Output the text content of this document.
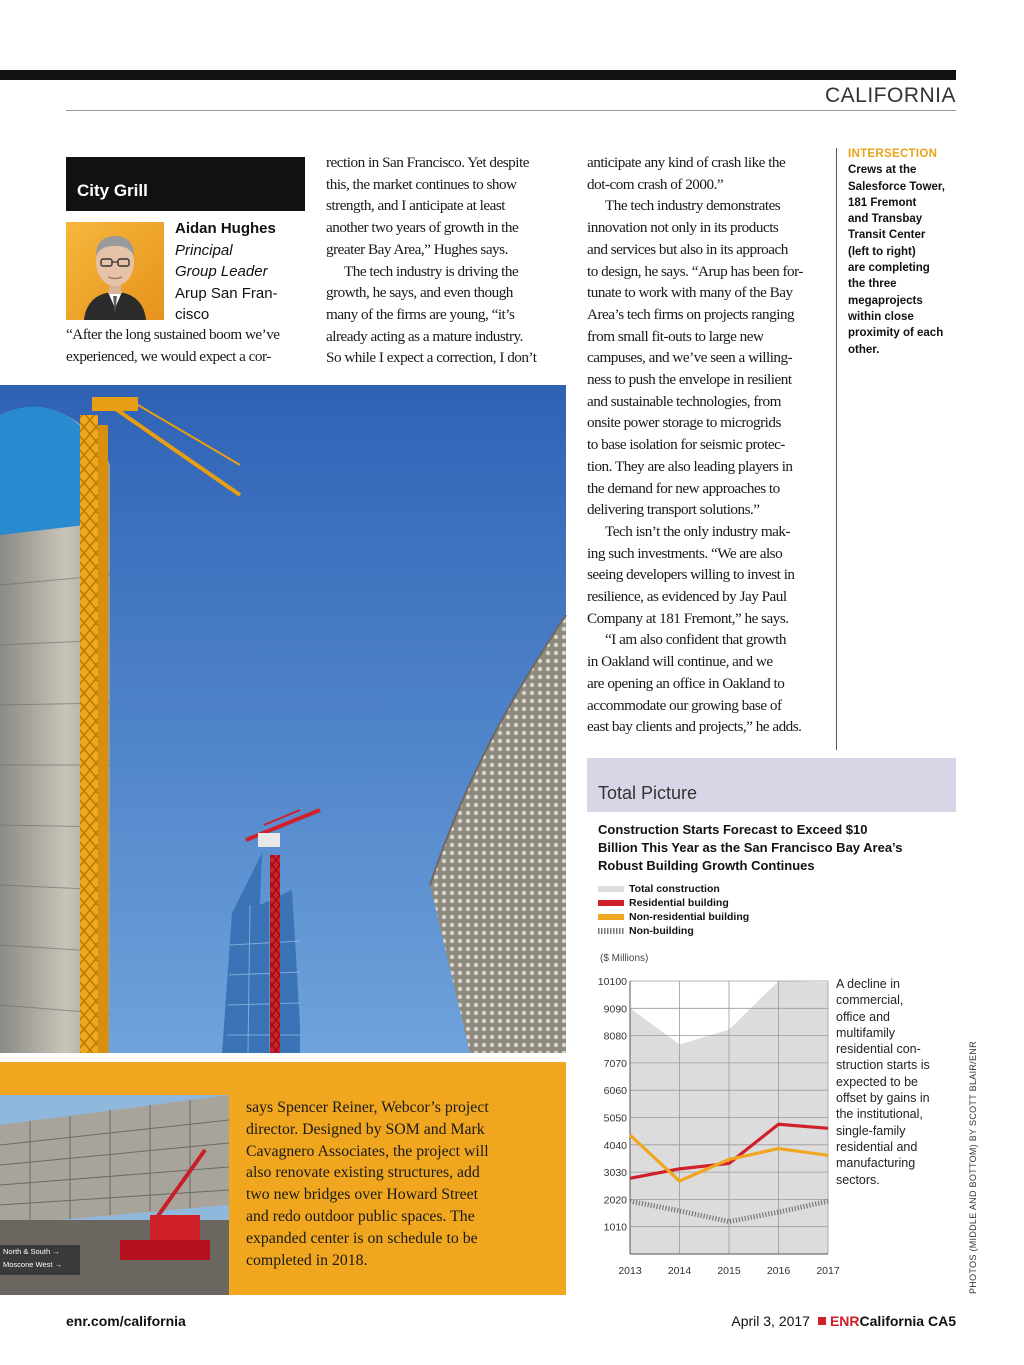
CALIFORNIA
City Grill
Aidan Hughes
Principal
Group Leader
Arup San Fran-
cisco

“After the long sustained boom we’ve

experienced, we would expect a cor-

rection in San Francisco. Yet despite

this, the market continues to show

strength, and I anticipate at least

another two years of growth in the

greater Bay Area,” Hughes says.

The tech industry is driving the

growth, he says, and even though

many of the firms are young, “it’s

already acting as a mature industry.

So while I expect a correction, I don’t

anticipate any kind of crash like the

dot-com crash of 2000.”

The tech industry demonstrates

innovation not only in its products

and services but also in its approach

to design, he says. “Arup has been for-

tunate to work with many of the Bay

Area’s tech firms on projects ranging

from small fit-outs to large new

campuses, and we’ve seen a willing-

ness to push the envelope in resilient

and sustainable technologies, from

onsite power storage to microgrids

to base isolation for seismic protec-

tion. They are also leading players in

the demand for new approaches to

delivering transport solutions.”

Tech isn’t the only industry mak-

ing such investments. “We are also

seeing developers willing to invest in

resilience, as evidenced by Jay Paul

Company at 181 Fremont,” he says.

“I am also confident that growth

in Oakland will continue, and we

are opening an office in Oakland to

accommodate our growing base of

east bay clients and projects,” he adds.

INTERSECTION

Crews at the

Salesforce Tower,

181 Fremont

and Transbay

Transit Center

(left to right)

are completing

the three

megaprojects

within close

proximity of each

other.

North & South →
Moscone West →

says Spencer Reiner, Webcor’s project

director. Designed by SOM and Mark

Cavagnero Associates, the project will

also renovate existing structures, add

two new bridges over Howard Street

and redo outdoor public spaces. The

expanded center is on schedule to be

completed in 2018.

Total Picture

Construction Starts Forecast to Exceed $10

Billion This Year as the San Francisco Bay Area’s

Robust Building Growth Continues

Total construction
Residential building
Non-residential building
Non-building
($ Millions)
10100
9090
8080
7070
6060
5050
4040
3030
2020
1010
2013 2014 2015 2016 2017

A decline in

commercial,

office and

multifamily

residential con-

struction starts is

expected to be

offset by gains in

the institutional,

single-family

residential and

manufacturing

sectors.	PHOTOS (MIDDLE AND BOTTOM) BY SCOTT BLAIR/ENR
enr.com/california	April 3, 2017 ENRCalifornia CA5
